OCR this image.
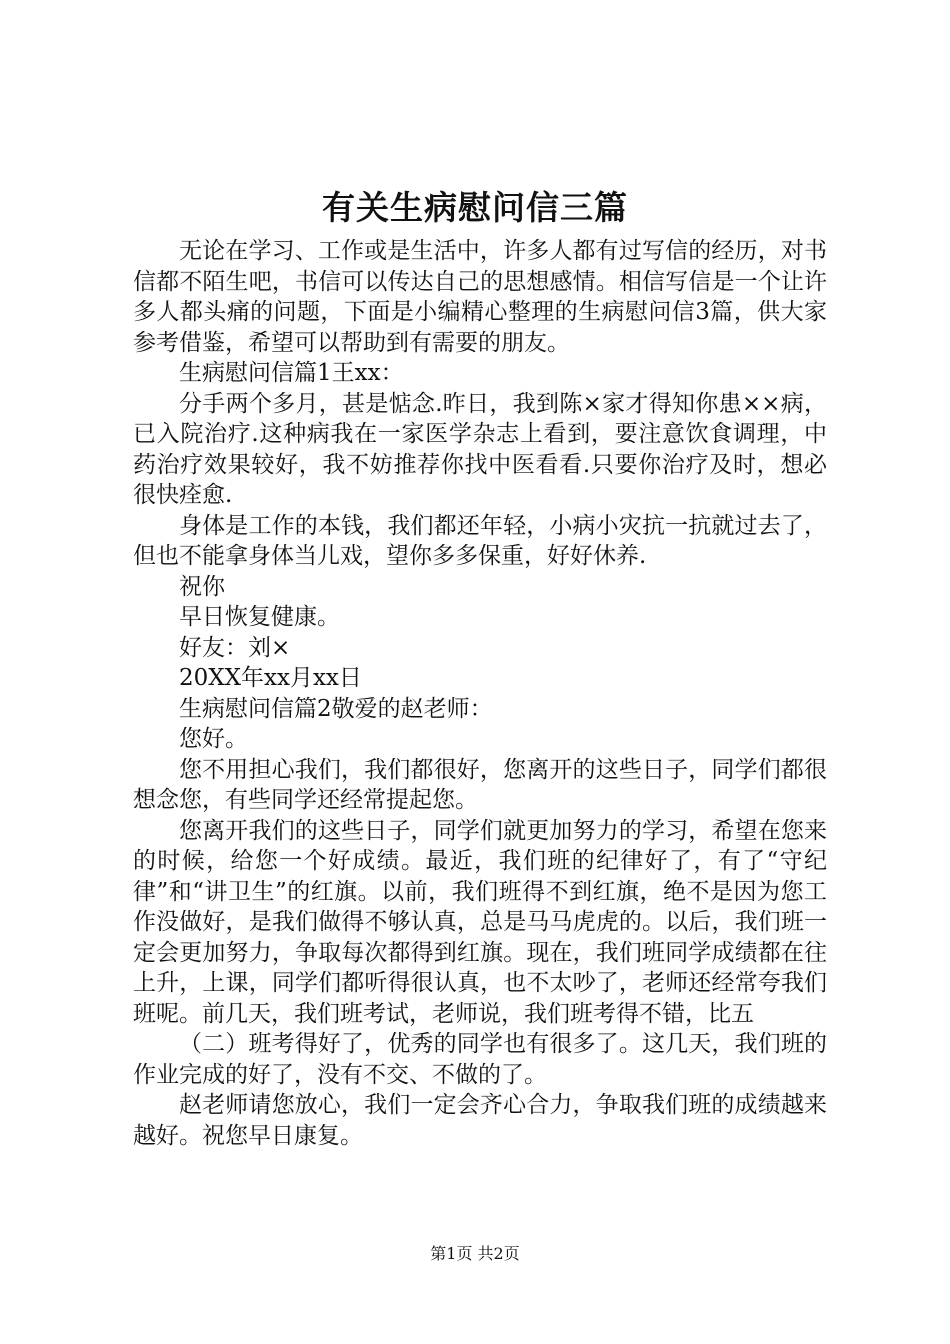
有关生病慰问信三篇

无论在学习、工作或是生活中，许多人都有过写信的经历，对书信都不陌生吧，书信可以传达自己的思想感情。相信写信是一个让许多人都头痛的问题，下面是小编精心整理的生病慰问信3篇，供大家参考借鉴，希望可以帮助到有需要的朋友。

生病慰问信篇1王xx：

分手两个多月，甚是惦念.昨日，我到陈×家才得知你患××病，已入院治疗.这种病我在一家医学杂志上看到，要注意饮食调理，中药治疗效果较好，我不妨推荐你找中医看看.只要你治疗及时，想必很快痊愈.

身体是工作的本钱，我们都还年轻，小病小灾抗一抗就过去了，但也不能拿身体当儿戏，望你多多保重，好好休养.

祝你

早日恢复健康。

好友：刘×

20XX年xx月xx日

生病慰问信篇2敬爱的赵老师：

您好。

您不用担心我们，我们都很好，您离开的这些日子，同学们都很想念您，有些同学还经常提起您。

您离开我们的这些日子，同学们就更加努力的学习，希望在您来的时候，给您一个好成绩。最近，我们班的纪律好了，有了“守纪律”和“讲卫生”的红旗。以前，我们班得不到红旗，绝不是因为您工作没做好，是我们做得不够认真，总是马马虎虎的。以后，我们班一定会更加努力，争取每次都得到红旗。现在，我们班同学成绩都在往上升，上课，同学们都听得很认真，也不太吵了，老师还经常夸我们班呢。前几天，我们班考试，老师说，我们班考得不错，比五

（二）班考得好了，优秀的同学也有很多了。这几天，我们班的作业完成的好了，没有不交、不做的了。

赵老师请您放心，我们一定会齐心合力，争取我们班的成绩越来越好。祝您早日康复。

第1页 共2页
